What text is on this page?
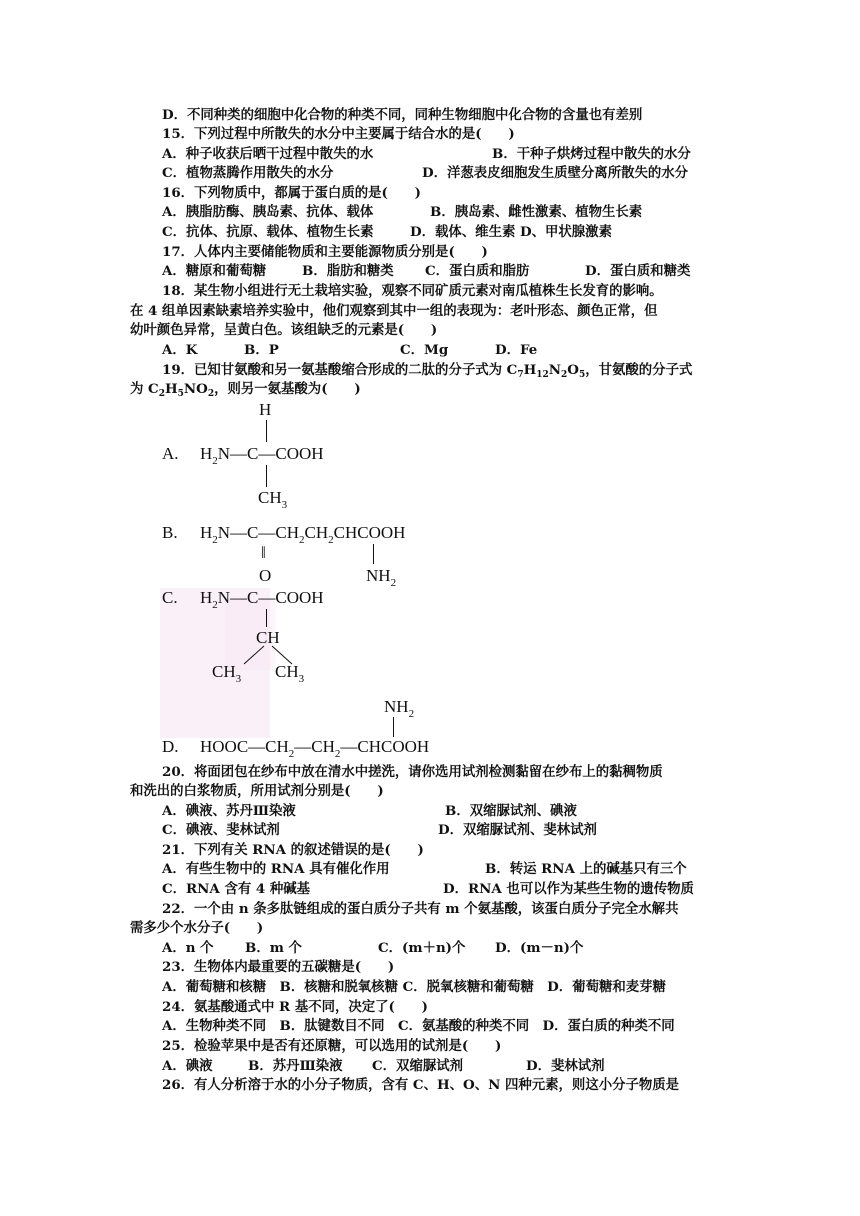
D．不同种类的细胞中化合物的种类不同，同种生物细胞中化合物的含量也有差别
15．下列过程中所散失的水分中主要属于结合水的是(　　)
A．种子收获后晒干过程中散失的水	B．干种子烘烤过程中散失的水分
C．植物蒸腾作用散失的水分	D．洋葱表皮细胞发生质壁分离所散失的水分
16．下列物质中，都属于蛋白质的是(　　)
A．胰脂肪酶、胰岛素、抗体、载体	B．胰岛素、雌性激素、植物生长素
C．抗体、抗原、载体、植物生长素	D．载体、维生素 D、甲状腺激素
17．人体内主要储能物质和主要能源物质分别是(　　)
A．糖原和葡萄糖	B．脂肪和糖类 C．蛋白质和脂肪	D．蛋白质和糖类
18．某生物小组进行无土栽培实验，观察不同矿质元素对南瓜植株生长发育的影响。
在 4 组单因素缺素培养实验中，他们观察到其中一组的表现为：老叶形态、颜色正常，但
幼叶颜色异常，呈黄白色。该组缺乏的元素是(　　)
A．K	B．P	C．Mg	D．Fe
19．已知甘氨酸和另一氨基酸缩合形成的二肽的分子式为 $C_7H_{12}N_2O_5$，甘氨酸的分子式
为 $C_2H_5NO_2$，则另一氨基酸为(　　)
A.
H
$H_2N—C—COOH$
$CH_3$
B. $H_2N—C—CH_2CH_2CHCOOH$
‖
O	$NH_2$
C. $H_2N—C—COOH$
CH
$CH_3$ $CH_3$
$NH_2$
D. $HOOC—CH_2—CH_2—CHCOOH$
20．将面团包在纱布中放在清水中搓洗，请你选用试剂检测黏留在纱布上的黏稠物质
和洗出的白浆物质，所用试剂分别是(　　)
A．碘液、苏丹Ⅲ染液	B．双缩脲试剂、碘液
C．碘液、斐林试剂	D．双缩脲试剂、斐林试剂
21．下列有关 RNA 的叙述错误的是(　　)
A．有些生物中的 RNA 具有催化作用	B．转运 RNA 上的碱基只有三个
C．RNA 含有 4 种碱基	D．RNA 也可以作为某些生物的遗传物质
22．一个由 n 条多肽链组成的蛋白质分子共有 m 个氨基酸，该蛋白质分子完全水解共
需多少个水分子(　　)
A．n 个 B．m 个	C．(m＋n)个 D．(m－n)个
23．生物体内最重要的五碳糖是(　　)
A．葡萄糖和核糖　B．核糖和脱氧核糖 C．脱氧核糖和葡萄糖　D．葡萄糖和麦芽糖
24．氨基酸通式中 R 基不同，决定了(　　)
A．生物种类不同　B．肽键数目不同　C．氨基酸的种类不同　D．蛋白质的种类不同
25．检验苹果中是否有还原糖，可以选用的试剂是(　　)
A．碘液	B．苏丹Ⅲ染液 C．双缩脲试剂	D．斐林试剂
26．有人分析溶于水的小分子物质，含有 C、H、O、N 四种元素，则这小分子物质是
